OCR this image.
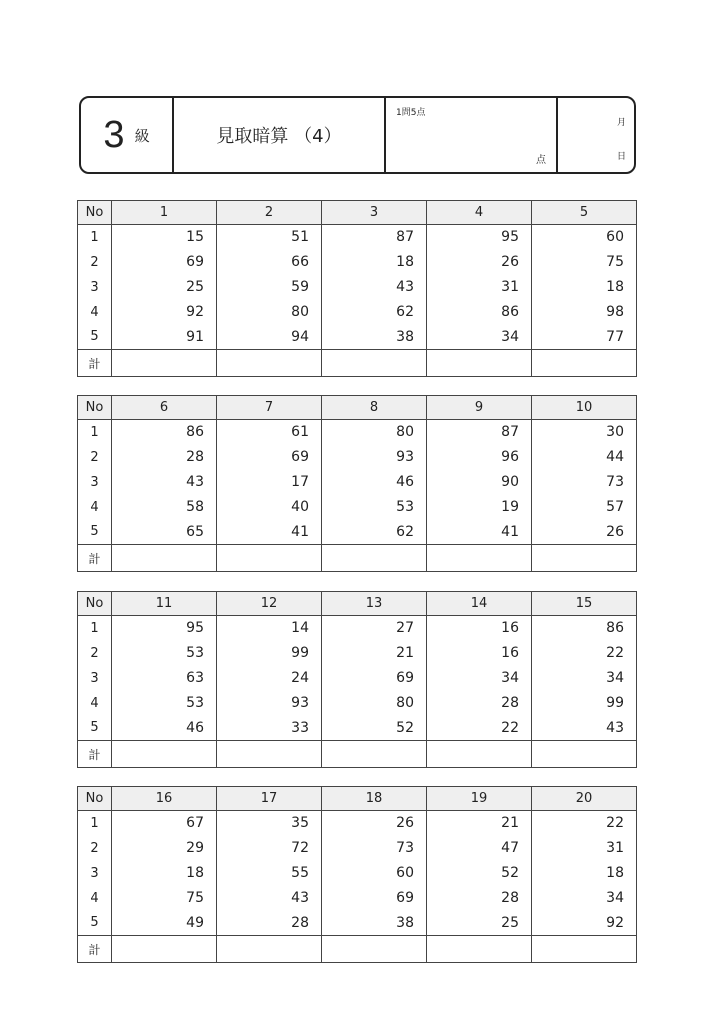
3 級	見取暗算 （4）
1問5点
点
月
日
No	1	2	3	4	5
1	15	51	87	95	60
2	69	66	18	26	75
3	25	59	43	31	18
4	92	80	62	86	98
5	91	94	38	34	77
計					
No	6	7	8	9	10
1	86	61	80	87	30
2	28	69	93	96	44
3	43	17	46	90	73
4	58	40	53	19	57
5	65	41	62	41	26
計					
No	11	12	13	14	15
1	95	14	27	16	86
2	53	99	21	16	22
3	63	24	69	34	34
4	53	93	80	28	99
5	46	33	52	22	43
計					
No	16	17	18	19	20
1	67	35	26	21	22
2	29	72	73	47	31
3	18	55	60	52	18
4	75	43	69	28	34
5	49	28	38	25	92
計					
